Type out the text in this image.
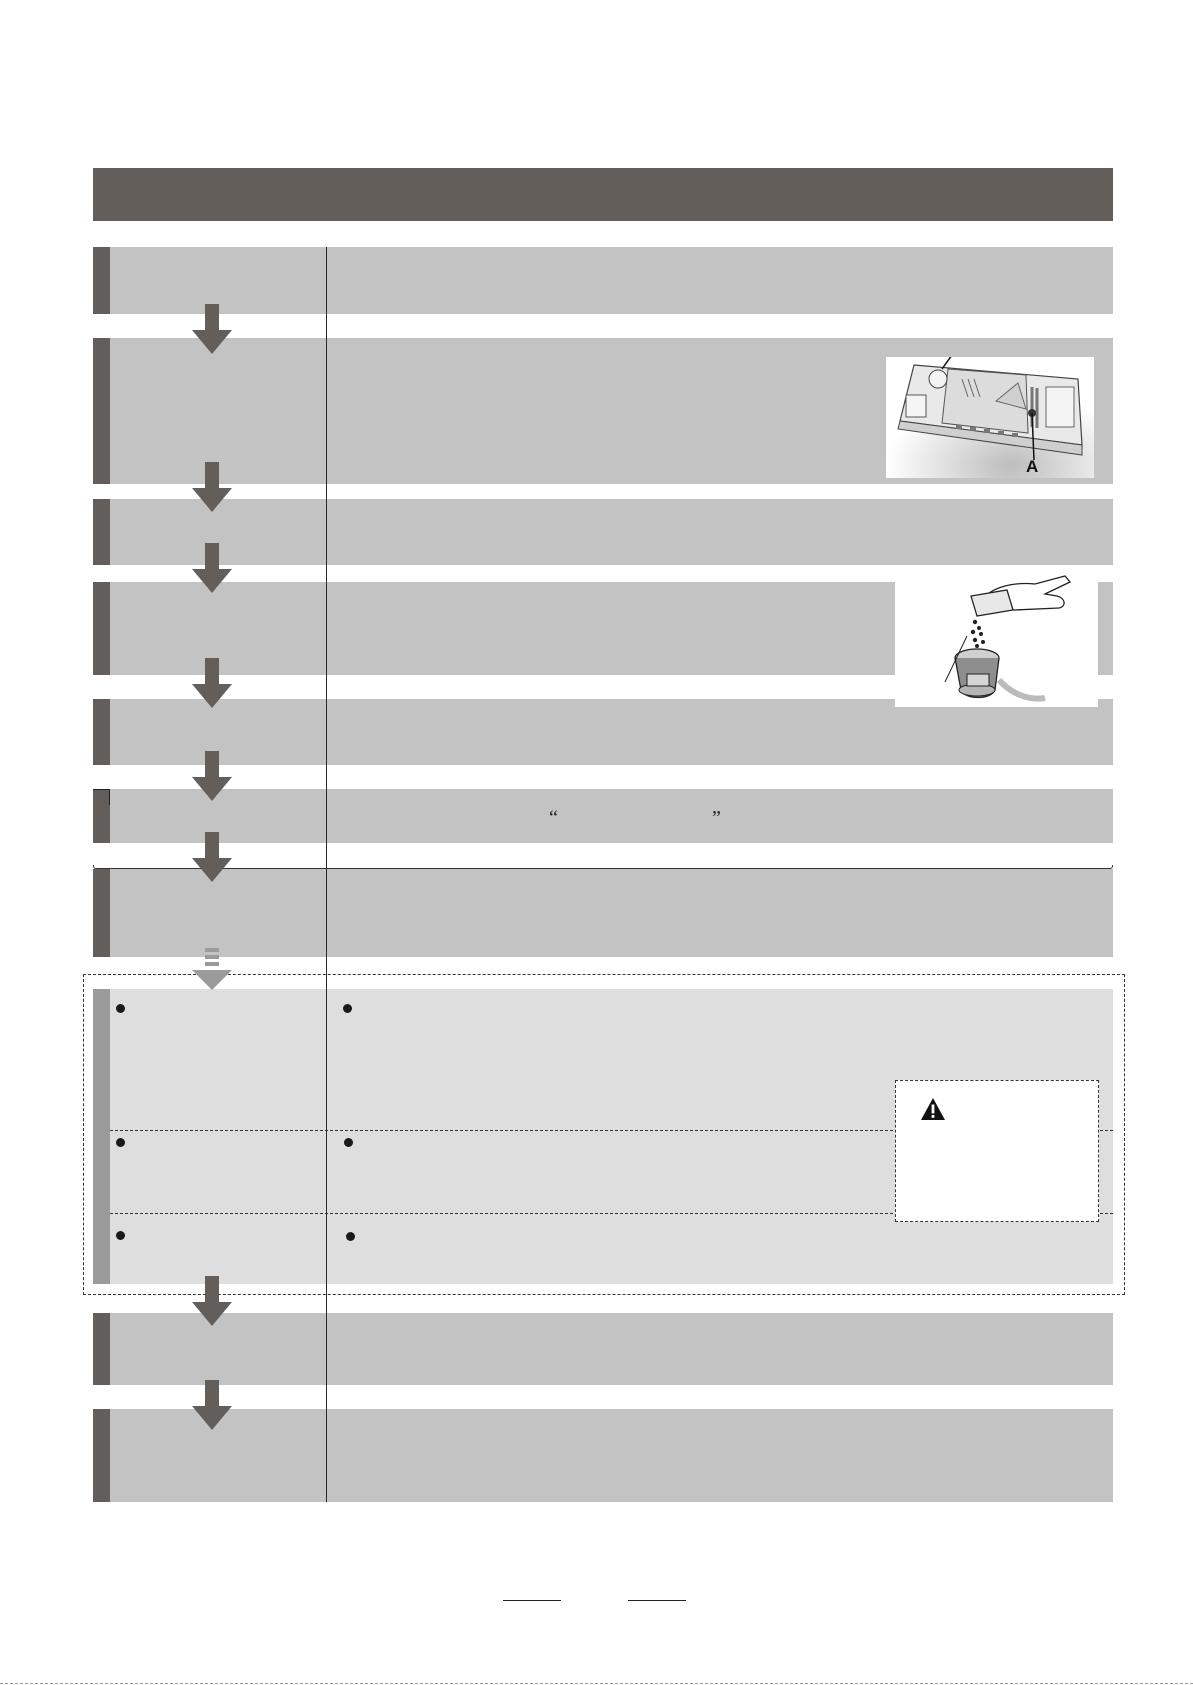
“	”
A
